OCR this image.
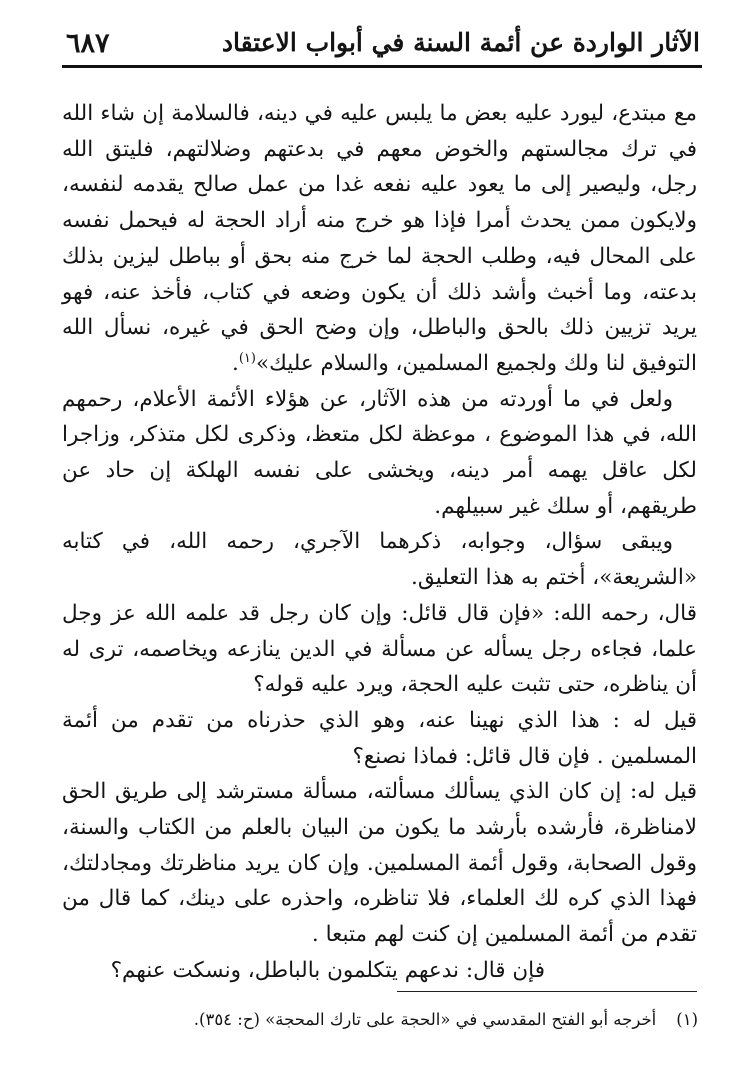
٦٨٧	الآثار الواردة عن أئمة السنة في أبواب الاعتقاد

مع مبتدع، ليورد عليه بعض ما يلبس عليه في دينه، فالسلامة إن شاء الله في ترك مجالستهم والخوض معهم في بدعتهم وضلالتهم، فليتق الله رجل، وليصير إلى ما يعود عليه نفعه غدا من عمل صالح يقدمه لنفسه، ولايكون ممن يحدث أمرا فإذا هو خرج منه أراد الحجة له فيحمل نفسه على المحال فيه، وطلب الحجة لما خرج منه بحق أو بباطل ليزين بذلك بدعته، وما أخبث وأشد ذلك أن يكون وضعه في كتاب، فأخذ عنه، فهو يريد تزيين ذلك بالحق والباطل، وإن وضح الحق في غيره، نسأل الله التوفيق لنا ولك ولجميع المسلمين، والسلام عليك»$^{(١)}$.

ولعل في ما أوردته من هذه الآثار، عن هؤلاء الأئمة الأعلام، رحمهم الله، في هذا الموضوع ، موعظة لكل متعظ، وذكرى لكل متذكر، وزاجرا لكل عاقل يهمه أمر دينه، ويخشى على نفسه الهلكة إن حاد عن طريقهم، أو سلك غير سبيلهم.

ويبقى سؤال، وجوابه، ذكرهما الآجري، رحمه الله، في كتابه «الشريعة»، أختم به هذا التعليق.

قال، رحمه الله: «فإن قال قائل: وإن كان رجل قد علمه الله عز وجل علما، فجاءه رجل يسأله عن مسألة في الدين ينازعه ويخاصمه، ترى له أن يناظره، حتى تثبت عليه الحجة، ويرد عليه قوله؟

قيل له : هذا الذي نهينا عنه، وهو الذي حذرناه من تقدم من أئمة المسلمين . فإن قال قائل: فماذا نصنع؟

قيل له: إن كان الذي يسألك مسألته، مسألة مسترشد إلى طريق الحق لامناظرة، فأرشده بأرشد ما يكون من البيان بالعلم من الكتاب والسنة، وقول الصحابة، وقول أئمة المسلمين. وإن كان يريد مناظرتك ومجادلتك، فهذا الذي كره لك العلماء، فلا تناظره، واحذره على دينك، كما قال من تقدم من أئمة المسلمين إن كنت لهم متبعا .

فإن قال: ندعهم يتكلمون بالباطل، ونسكت عنهم؟

(١)أخرجه أبو الفتح المقدسي في «الحجة على تارك المحجة» (ح: ٣٥٤).
